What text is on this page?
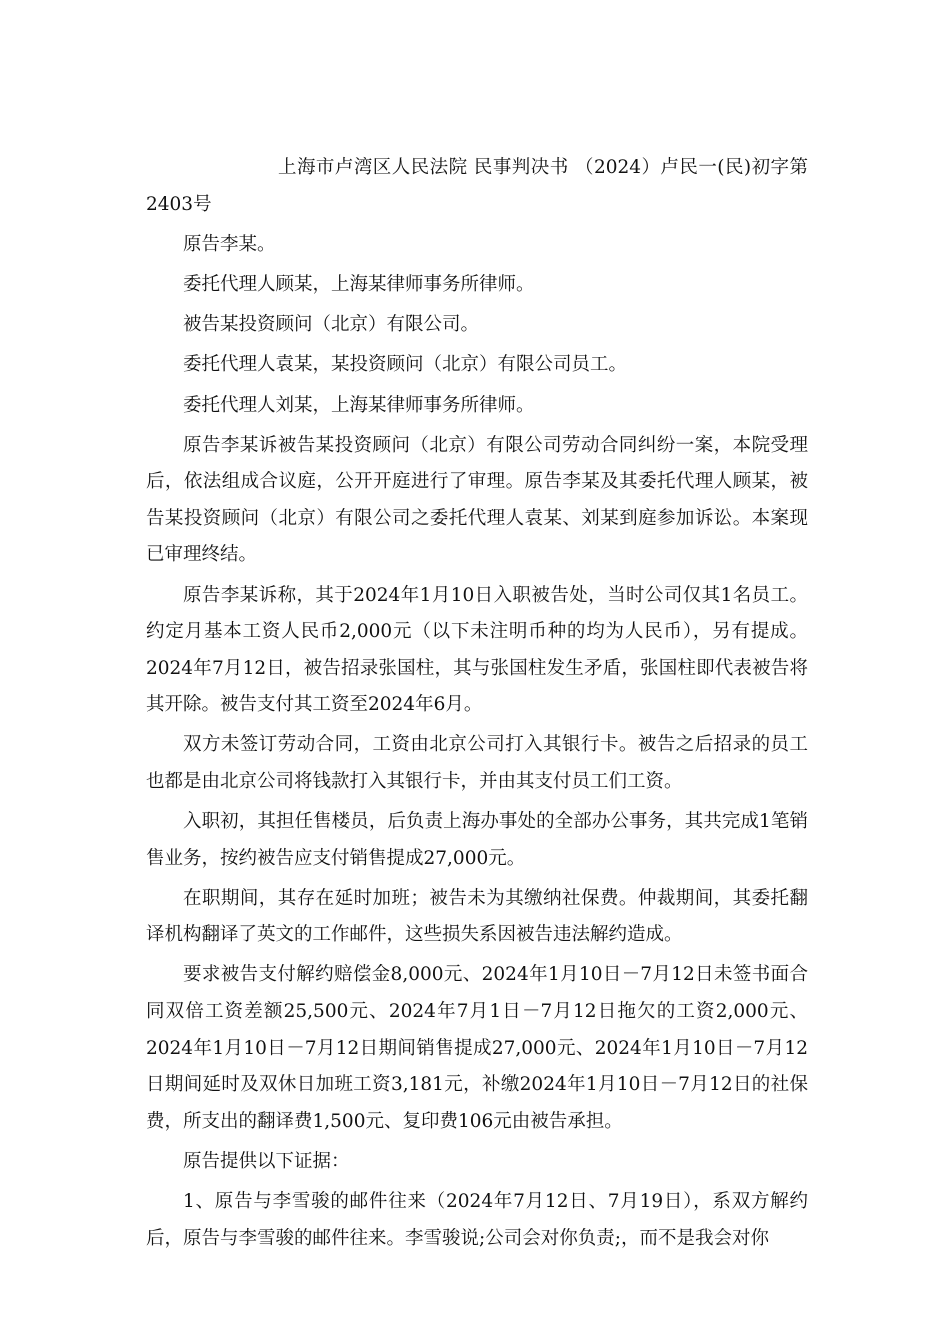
上海市卢湾区人民法院 民事判决书 （2024）卢民一(民)初字第2403号

原告李某。

委托代理人顾某，上海某律师事务所律师。

被告某投资顾问（北京）有限公司。

委托代理人袁某，某投资顾问（北京）有限公司员工。

委托代理人刘某，上海某律师事务所律师。

原告李某诉被告某投资顾问（北京）有限公司劳动合同纠纷一案，本院受理后，依法组成合议庭，公开开庭进行了审理。原告李某及其委托代理人顾某，被告某投资顾问（北京）有限公司之委托代理人袁某、刘某到庭参加诉讼。本案现已审理终结。

原告李某诉称，其于2024年1月10日入职被告处，当时公司仅其1名员工。约定月基本工资人民币2,000元（以下未注明币种的均为人民币），另有提成。2024年7月12日，被告招录张国柱，其与张国柱发生矛盾，张国柱即代表被告将其开除。被告支付其工资至2024年6月。

双方未签订劳动合同，工资由北京公司打入其银行卡。被告之后招录的员工也都是由北京公司将钱款打入其银行卡，并由其支付员工们工资。

入职初，其担任售楼员，后负责上海办事处的全部办公事务，其共完成1笔销售业务，按约被告应支付销售提成27,000元。

在职期间，其存在延时加班；被告未为其缴纳社保费。仲裁期间，其委托翻译机构翻译了英文的工作邮件，这些损失系因被告违法解约造成。

要求被告支付解约赔偿金8,000元、2024年1月10日－7月12日未签书面合同双倍工资差额25,500元、2024年7月1日－7月12日拖欠的工资2,000元、2024年1月10日－7月12日期间销售提成27,000元、2024年1月10日－7月12日期间延时及双休日加班工资3,181元，补缴2024年1月10日－7月12日的社保费，所支出的翻译费1,500元、复印费106元由被告承担。

原告提供以下证据：

1、原告与李雪骏的邮件往来（2024年7月12日、7月19日），系双方解约后，原告与李雪骏的邮件往来。李雪骏说;公司会对你负责;，而不是我会对你
